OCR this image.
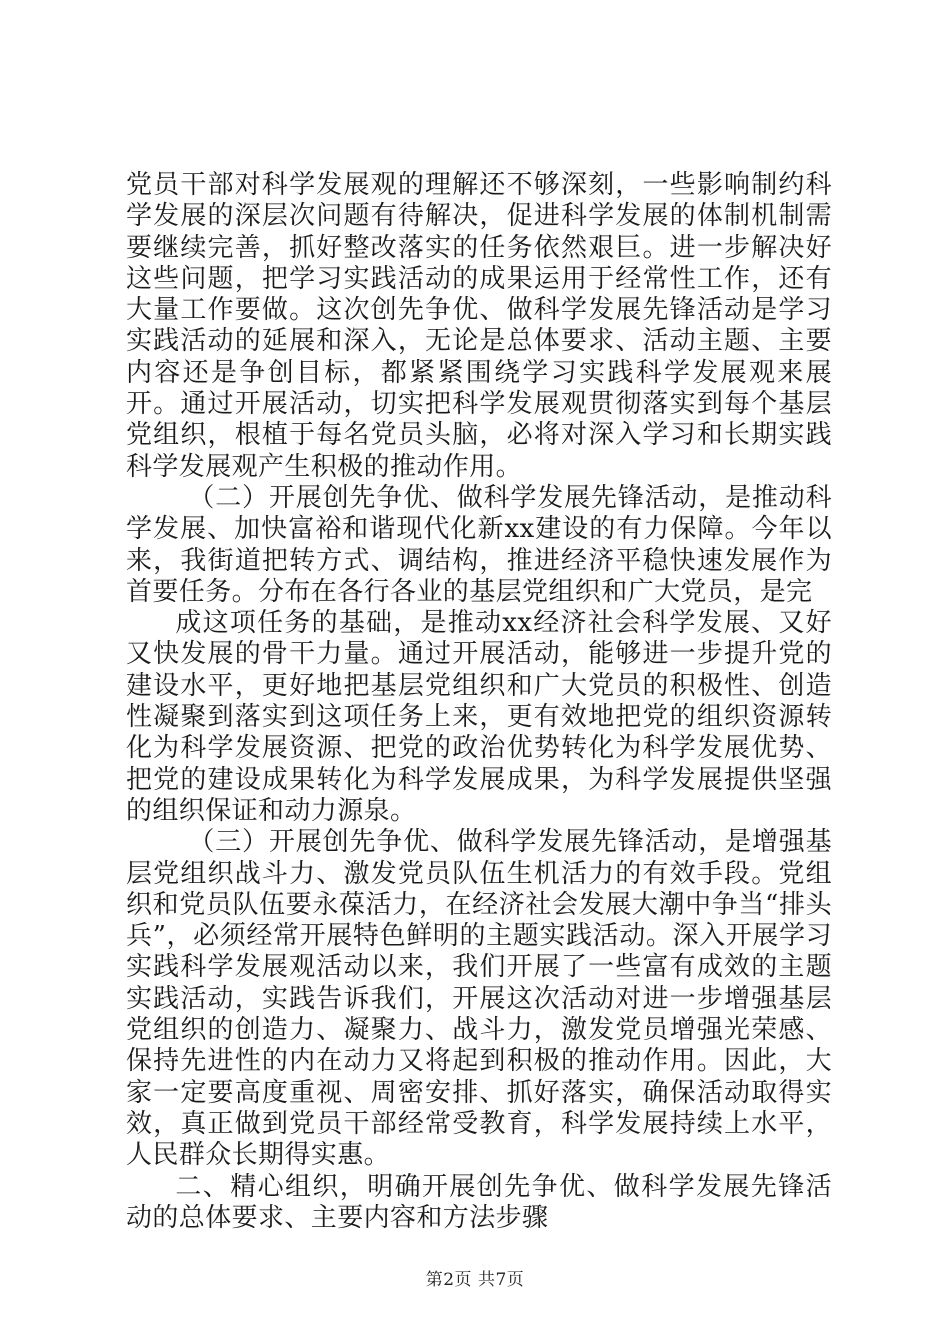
党员干部对科学发展观的理解还不够深刻，一些影响制约科学发展的深层次问题有待解决，促进科学发展的体制机制需要继续完善，抓好整改落实的任务依然艰巨。进一步解决好这些问题，把学习实践活动的成果运用于经常性工作，还有大量工作要做。这次创先争优、做科学发展先锋活动是学习实践活动的延展和深入，无论是总体要求、活动主题、主要内容还是争创目标，都紧紧围绕学习实践科学发展观来展开。通过开展活动，切实把科学发展观贯彻落实到每个基层党组织，根植于每名党员头脑，必将对深入学习和长期实践科学发展观产生积极的推动作用。

（二）开展创先争优、做科学发展先锋活动，是推动科学发展、加快富裕和谐现代化新xx建设的有力保障。今年以来，我街道把转方式、调结构，推进经济平稳快速发展作为首要任务。分布在各行各业的基层党组织和广大党员，是完

成这项任务的基础，是推动xx经济社会科学发展、又好又快发展的骨干力量。通过开展活动，能够进一步提升党的建设水平，更好地把基层党组织和广大党员的积极性、创造性凝聚到落实到这项任务上来，更有效地把党的组织资源转化为科学发展资源、把党的政治优势转化为科学发展优势、把党的建设成果转化为科学发展成果，为科学发展提供坚强的组织保证和动力源泉。

（三）开展创先争优、做科学发展先锋活动，是增强基层党组织战斗力、激发党员队伍生机活力的有效手段。党组织和党员队伍要永葆活力，在经济社会发展大潮中争当“排头兵”，必须经常开展特色鲜明的主题实践活动。深入开展学习实践科学发展观活动以来，我们开展了一些富有成效的主题实践活动，实践告诉我们，开展这次活动对进一步增强基层党组织的创造力、凝聚力、战斗力，激发党员增强光荣感、保持先进性的内在动力又将起到积极的推动作用。因此，大家一定要高度重视、周密安排、抓好落实，确保活动取得实效，真正做到党员干部经常受教育，科学发展持续上水平，人民群众长期得实惠。

二、精心组织，明确开展创先争优、做科学发展先锋活动的总体要求、主要内容和方法步骤

第2页 共7页
